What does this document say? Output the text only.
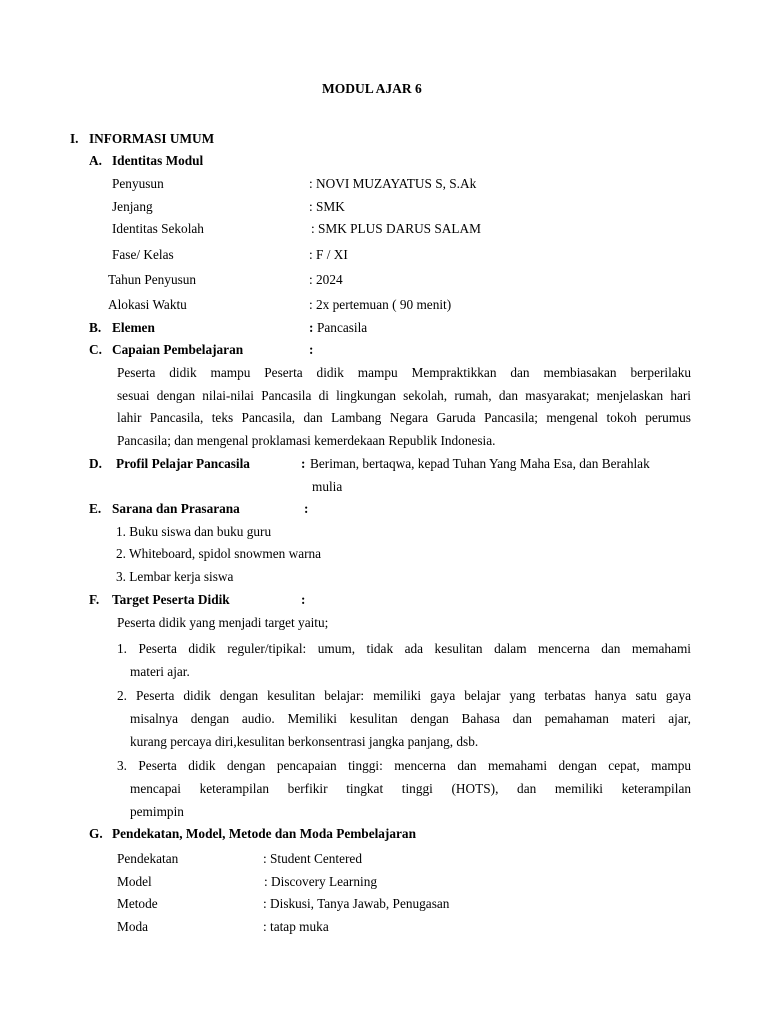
MODUL AJAR 6
I. INFORMASI UMUM
A. Identitas Modul
Penyusun	: NOVI MUZAYATUS S, S.Ak
Jenjang	: SMK
Identitas Sekolah	: SMK PLUS DARUS SALAM
Fase/ Kelas	: F / XI
Tahun Penyusun	: 2024
Alokasi Waktu	: 2x pertemuan ( 90 menit)
B. Elemen	: Pancasila
C. Capaian Pembelajaran	:
Peserta didik mampu Peserta didik mampu Mempraktikkan dan membiasakan berperilaku
sesuai dengan nilai-nilai Pancasila di lingkungan sekolah, rumah, dan masyarakat; menjelaskan hari
lahir Pancasila, teks Pancasila, dan Lambang Negara Garuda Pancasila; mengenal tokoh perumus
Pancasila; dan mengenal proklamasi kemerdekaan Republik Indonesia.
D. Profil Pelajar Pancasila	: Beriman, bertaqwa, kepad Tuhan Yang Maha Esa, dan Berahlak
mulia
E. Sarana dan Prasarana	:
1. Buku siswa dan buku guru
2. Whiteboard, spidol snowmen warna
3. Lembar kerja siswa
F. Target Peserta Didik	:
Peserta didik yang menjadi target yaitu;
1. Peserta didik reguler/tipikal: umum, tidak ada kesulitan dalam mencerna dan memahami
materi ajar.
2. Peserta didik dengan kesulitan belajar: memiliki gaya belajar yang terbatas hanya satu gaya
misalnya dengan audio. Memiliki kesulitan dengan Bahasa dan pemahaman materi ajar,
kurang percaya diri,kesulitan berkonsentrasi jangka panjang, dsb.
3. Peserta didik dengan pencapaian tinggi: mencerna dan memahami dengan cepat, mampu
mencapai keterampilan berfikir tingkat tinggi (HOTS), dan memiliki keterampilan
pemimpin
G. Pendekatan, Model, Metode dan Moda Pembelajaran
Pendekatan	: Student Centered
Model	: Discovery Learning
Metode	: Diskusi, Tanya Jawab, Penugasan
Moda	: tatap muka
